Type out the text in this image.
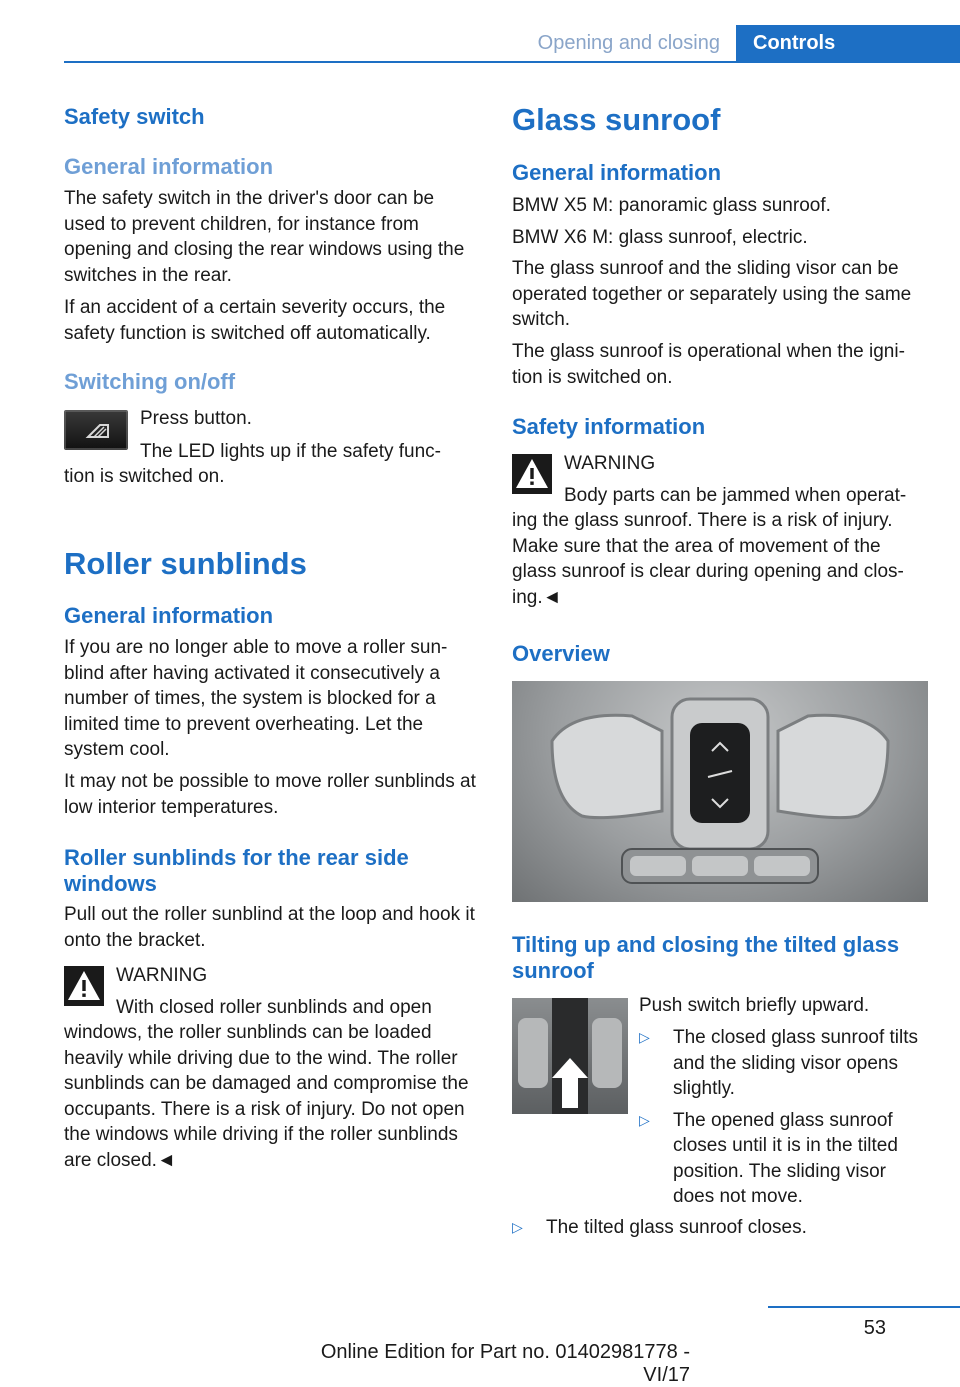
Opening and closing	Controls
Safety switch
General information

The safety switch in the driver's door can be used to prevent children, for instance from opening and closing the rear windows using the switches in the rear.

If an accident of a certain severity occurs, the safety function is switched off automatically.

Switching on/off

Press button.

The LED lights up if the safety func‐

tion is switched on.

Roller sunblinds
General information

If you are no longer able to move a roller sun‐ blind after having activated it consecutively a number of times, the system is blocked for a limited time to prevent overheating. Let the system cool.

It may not be possible to move roller sunblinds at low interior temperatures.

Roller sunblinds for the rear side windows

Pull out the roller sunblind at the loop and hook it onto the bracket.

WARNING

With closed roller sunblinds and open

windows, the roller sunblinds can be loaded heavily while driving due to the wind. The roller sunblinds can be damaged and compromise the occupants. There is a risk of injury. Do not open the windows while driving if the roller sunblinds are closed.◄

Glass sunroof
General information

BMW X5 M: panoramic glass sunroof.

BMW X6 M: glass sunroof, electric.

The glass sunroof and the sliding visor can be operated together or separately using the same switch.

The glass sunroof is operational when the igni‐ tion is switched on.

Safety information

WARNING

Body parts can be jammed when operat‐

ing the glass sunroof. There is a risk of injury. Make sure that the area of movement of the glass sunroof is clear during opening and clos‐ ing.◄

Overview
Tilting up and closing the tilted glass sunroof

Push switch briefly upward.

▷ The closed glass sunroof tilts and the sliding visor opens slightly.
▷ The opened glass sunroof closes until it is in the tilted position. The sliding visor does not move.
▷ The tilted glass sunroof closes.
53
Online Edition for Part no. 01402981778 - VI/17
